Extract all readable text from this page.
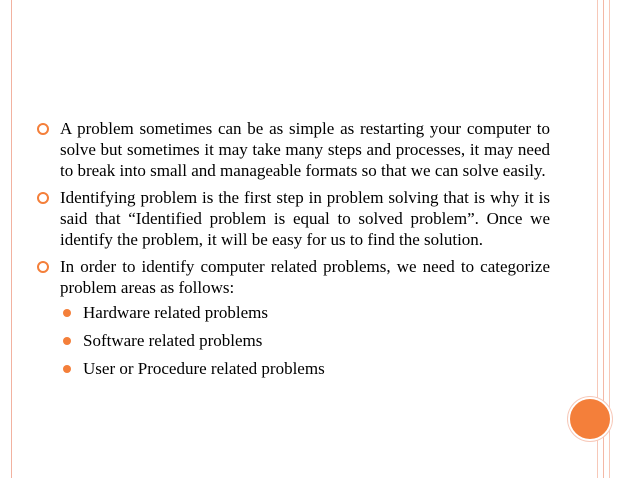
A problem sometimes can be as simple as restarting your computer to solve but sometimes it may take many steps and processes, it may need to break into small and manageable formats so that we can solve easily.
Identifying problem is the first step in problem solving that is why it is said that “Identified problem is equal to solved problem”. Once we identify the problem, it will be easy for us to find the solution.
In order to identify computer related problems, we need to categorize problem areas as follows:
Hardware related problems
Software related problems
User or Procedure related problems
